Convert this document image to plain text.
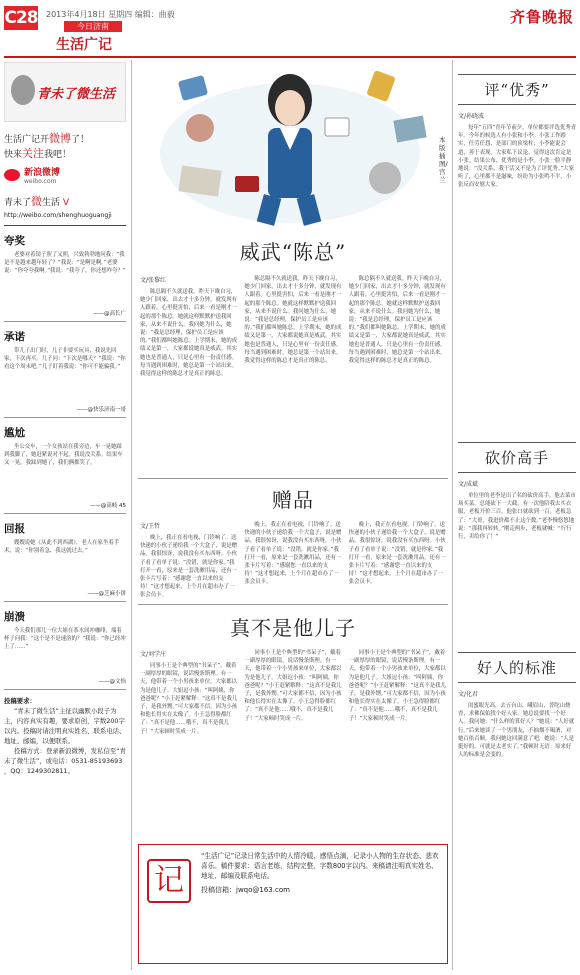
C28 2013年4月18日 星期四 编辑：曲毅
今日济南
生活广记
齐鲁晚报
青未了微生活
生活广记开微博了！
快来关注我吧！
新浪微博
weibo.com
青未了微生活 V
http://weibo.com/shenghuoguangji
夸奖

老婆对着镜子照了又照，兴致勃勃地问我：“我是不是越来越年轻了？”我说：“是啊是啊。”老婆说：“你夸夸我啊。”我说：“我夸了，你还想咋夸？”

——@高长广
承诺

带儿子出门时，儿子非要买玩具，我说先回家，下次再买。儿子问：“下次是哪天？”我说：“你看这个周末吧。”儿子盯着我说：“你可不能骗我。”

——@快乐济南一哥
尴尬

坐公交车，一个女孩站在我旁边，车一晃她踩到我脚了，她赶紧说对不起。我说没关系。结果车又一晃，我踩到她了，我们俩都笑了。

——@高岐 45
回报

嫂嫂说她《从此不到西湖》，老人在家坐着手术，说：“你别着急，我这就过去。”

——@芝麻小饼
崩溃

今天我们那儿一位大姐在茶水间冲咖啡，端着杯子问我：“这个是不是速溶的？”我说：“你已经冲上了……”

——@文怡
投稿要求：
“青未了微生活”主征以幽默小段子为主，内容真实有趣，要求原创，字数200字以内。投稿时请注明真实姓名、联系电话、地址、邮编，以便联系。
投稿方式：登录新浪微博，发私信至“青未了微生活”，或电话：0531-85193693 ，QQ：1249302811。
本版插图/宫兰
威武“陈总”
文/张黎红

陈总隔不久就送我。昨天下晚自习，她少门回家，出去才十多分钟，就发现有人跟着。心里挺害怕，后来一看是刚才一起的那个陈总。她就这样默默护送我回家，从来不说什么。我问她为什么，她说：“我是总经理，保护员工是应该的。”我们都叫她陈总。上学期末，她的成绩又是第一，大家都说她真是威武。其实她也是普通人，只是心里有一份责任感。每当遇到困难时，她总是第一个站出来。我觉得这样的陈总才是真正的陈总。

陈总隔不久就送我。昨天下晚自习，她少门回家，出去才十多分钟，就发现有人跟着。心里挺害怕，后来一看是刚才一起的那个陈总。她就这样默默护送我回家，从来不说什么。我问她为什么，她说：“我是总经理，保护员工是应该的。”我们都叫她陈总。上学期末，她的成绩又是第一，大家都说她真是威武。其实她也是普通人，只是心里有一份责任感。每当遇到困难时，她总是第一个站出来。我觉得这样的陈总才是真正的陈总。

陈总隔不久就送我。昨天下晚自习，她少门回家，出去才十多分钟，就发现有人跟着。心里挺害怕，后来一看是刚才一起的那个陈总。她就这样默默护送我回家，从来不说什么。我问她为什么，她说：“我是总经理，保护员工是应该的。”我们都叫她陈总。上学期末，她的成绩又是第一，大家都说她真是威武。其实她也是普通人，只是心里有一份责任感。每当遇到困难时，她总是第一个站出来。我觉得这样的陈总才是真正的陈总。

赠品
文/王哲

晚上，我正在看电视，门铃响了。送快递的小伙子递给我一个大盒子，说是赠品。我很惊讶，说我没有买东西呀。小伙子看了看单子说：“没错，就是你家。”我打开一看，原来是一套洗漱用品，还有一张卡片写着：“感谢您一直以来的支持！”这才想起来，上个月在超市办了一张会员卡。

晚上，我正在看电视，门铃响了。送快递的小伙子递给我一个大盒子，说是赠品。我很惊讶，说我没有买东西呀。小伙子看了看单子说：“没错，就是你家。”我打开一看，原来是一套洗漱用品，还有一张卡片写着：“感谢您一直以来的支持！”这才想起来，上个月在超市办了一张会员卡。

晚上，我正在看电视，门铃响了。送快递的小伙子递给我一个大盒子，说是赠品。我很惊讶，说我没有买东西呀。小伙子看了看单子说：“没错，就是你家。”我打开一看，原来是一套洗漱用品，还有一张卡片写着：“感谢您一直以来的支持！”这才想起来，上个月在超市办了一张会员卡。

真不是他儿子
文/刘学庄

同事小王是个典型的“书呆子”，戴着一副厚厚的眼镜，说话慢条斯理。有一天，他带着一个小男孩来单位，大家都以为是他儿子。大姐逗小孩：“叫阿姨，你爸爸呢？”小王赶紧解释：“这真不是我儿子，是我外甥。”可大家都不信，因为小孩和他长得实在太像了。小王急得脸都红了：“真不是他……哦不，真不是我儿子！”大家顿时笑成一片。

同事小王是个典型的“书呆子”，戴着一副厚厚的眼镜，说话慢条斯理。有一天，他带着一个小男孩来单位，大家都以为是他儿子。大姐逗小孩：“叫阿姨，你爸爸呢？”小王赶紧解释：“这真不是我儿子，是我外甥。”可大家都不信，因为小孩和他长得实在太像了。小王急得脸都红了：“真不是他……哦不，真不是我儿子！”大家顿时笑成一片。

同事小王是个典型的“书呆子”，戴着一副厚厚的眼镜，说话慢条斯理。有一天，他带着一个小男孩来单位，大家都以为是他儿子。大姐逗小孩：“叫阿姨，你爸爸呢？”小王赶紧解释：“这真不是我儿子，是我外甥。”可大家都不信，因为小孩和他长得实在太像了。小王急得脸都红了：“真不是他……哦不，真不是我儿子！”大家顿时笑成一片。

记
“生活广记”记录日常生活中的人情冷暖、感悟点滴，记录小人物的生存状态、悲欢喜乐。稿件要求：语言老练，结构完整，字数800字以内。来稿请注明真实姓名、地址、邮编及联系电话。
投稿信箱：jwqo@163.com
评“优秀”
文/孙晓波

每年“五四”青年节前夕，单位都要评选优秀青年。今年的候选人有小张和小李。小张工作踏实，任劳任怨，是部门的顶梁柱；小李能说会道，善于表现。大家私下议论，觉得这次肯定是小张。结果公布，优秀的是小李。小张一脸平静地说：“没关系，我干活又不是为了评优秀。”大家听了，心里都不是滋味，纷纷为小张鸣不平，小张反而安慰大家。

砍价高手
文/成斌

单位里的老李是出了名的砍价高手。他去菜市场买菜，总能砍下一大截。有一次他陪我去买衣服，老板开价三百，他张口就砍到一百。老板急了：“大哥，我进价都不止这个数。”老李慢悠悠地说：“那我再转转。”刚走两步，老板就喊：“行行行，卖给你了！”

好人的标准
文/化君

闺蜜眼光高，去五台山、峨眉山、普陀山烧香，求佛保佑找个好人家。她总说要找一个好人。我问她：“什么样的算好人？”她说：“人好就行。”后来她谈了一个男朋友，不抽烟不喝酒，对她百依百顺。我问她这回满意了吧，她说：“人是挺好的，可就是太老实了。”我顿时无语：原来好人的标准是会变的。
